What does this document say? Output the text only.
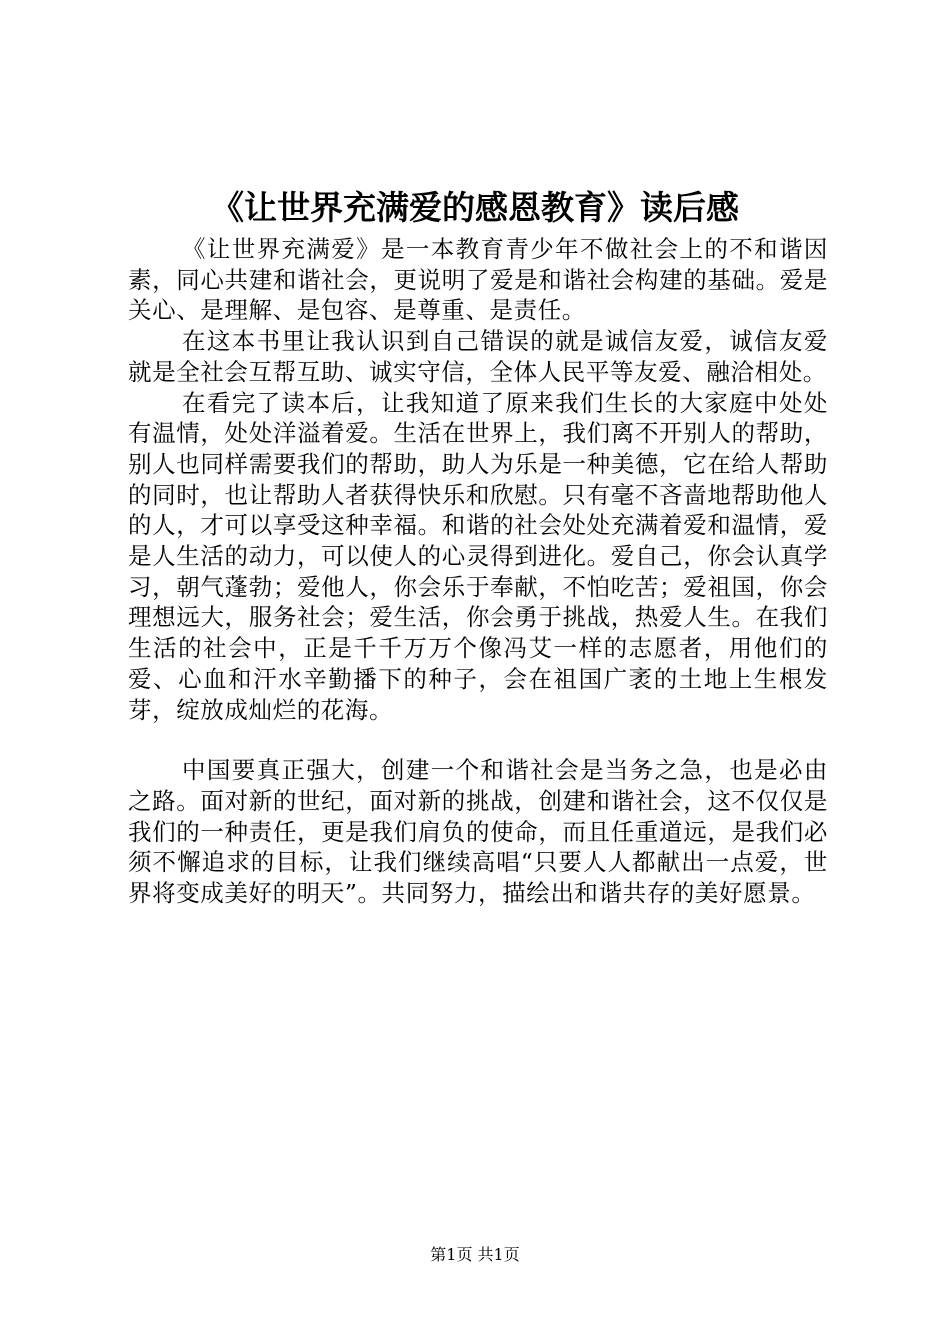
《让世界充满爱的感恩教育》读后感

《让世界充满爱》是一本教育青少年不做社会上的不和谐因素，同心共建和谐社会，更说明了爱是和谐社会构建的基础。爱是关心、是理解、是包容、是尊重、是责任。

在这本书里让我认识到自己错误的就是诚信友爱，诚信友爱就是全社会互帮互助、诚实守信，全体人民平等友爱、融洽相处。

在看完了读本后，让我知道了原来我们生长的大家庭中处处有温情，处处洋溢着爱。生活在世界上，我们离不开别人的帮助，别人也同样需要我们的帮助，助人为乐是一种美德，它在给人帮助的同时，也让帮助人者获得快乐和欣慰。只有毫不吝啬地帮助他人的人，才可以享受这种幸福。和谐的社会处处充满着爱和温情，爱是人生活的动力，可以使人的心灵得到进化。爱自己，你会认真学习，朝气蓬勃；爱他人，你会乐于奉献，不怕吃苦；爱祖国，你会理想远大，服务社会；爱生活，你会勇于挑战，热爱人生。在我们生活的社会中，正是千千万万个像冯艾一样的志愿者，用他们的爱、心血和汗水辛勤播下的种子，会在祖国广袤的土地上生根发芽，绽放成灿烂的花海。

中国要真正强大，创建一个和谐社会是当务之急，也是必由之路。面对新的世纪，面对新的挑战，创建和谐社会，这不仅仅是我们的一种责任，更是我们肩负的使命，而且任重道远，是我们必须不懈追求的目标，让我们继续高唱“只要人人都献出一点爱，世界将变成美好的明天”。共同努力，描绘出和谐共存的美好愿景。

第1页 共1页
